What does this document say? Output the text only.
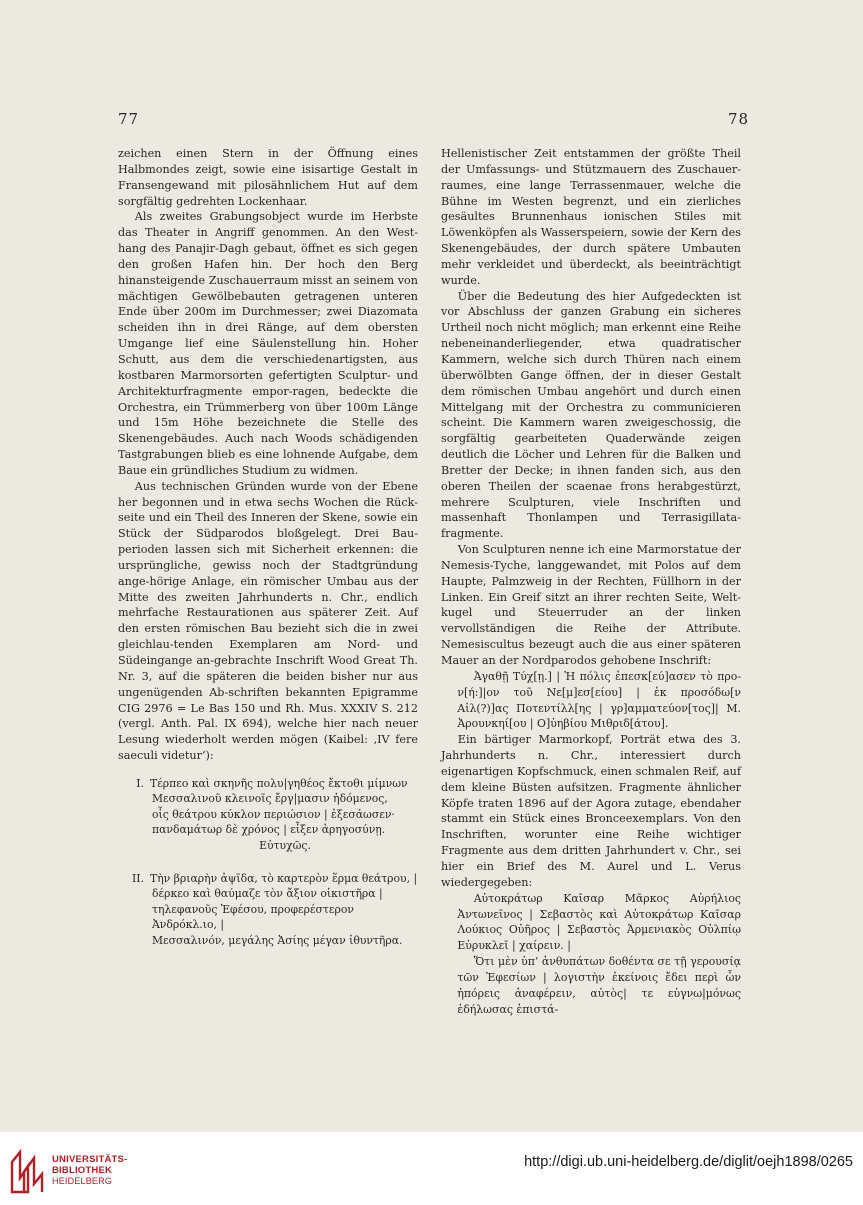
77	78

zeichen einen Stern in der Öffnung eines Halbmondes zeigt, sowie eine isisartige Gestalt in Fransengewand mit pilosähnlichem Hut auf dem sorgfältig gedrehten Lockenhaar.

Als zweites Grabungsobject wurde im Herbste das Theater in Angriff genommen. An den West-hang des Panajir-Dagh gebaut, öffnet es sich gegen den großen Hafen hin. Der hoch den Berg hinansteigende Zuschauerraum misst an seinem von mächtigen Gewölbebauten getragenen unteren Ende über 200m im Durchmesser; zwei Diazomata scheiden ihn in drei Ränge, auf dem obersten Umgange lief eine Säulenstellung hin. Hoher Schutt, aus dem die verschiedenartigsten, aus kostbaren Marmorsorten gefertigten Sculptur- und Architekturfragmente empor-ragen, bedeckte die Orchestra, ein Trümmerberg von über 100m Länge und 15m Höhe bezeichnete die Stelle des Skenengebäudes. Auch nach Woods schädigenden Tastgrabungen blieb es eine lohnende Aufgabe, dem Baue ein gründliches Studium zu widmen.

Aus technischen Gründen wurde von der Ebene her begonnen und in etwa sechs Wochen die Rück-seite und ein Theil des Inneren der Skene, sowie ein Stück der Südparodos bloßgelegt. Drei Bau-perioden lassen sich mit Sicherheit erkennen: die ursprüngliche, gewiss noch der Stadtgründung ange-hörige Anlage, ein römischer Umbau aus der Mitte des zweiten Jahrhunderts n. Chr., endlich mehrfache Restaurationen aus späterer Zeit. Auf den ersten römischen Bau bezieht sich die in zwei gleichlau-tenden Exemplaren am Nord- und Südeingange an-gebrachte Inschrift Wood Great Th. Nr. 3, auf die späteren die beiden bisher nur aus ungenügenden Ab-schriften bekannten Epigramme CIG 2976 = Le Bas 150 und Rh. Mus. XXXIV S. 212 (vergl. Anth. Pal. IX 694), welche hier nach neuer Lesung wiederholt werden mögen (Kaibel: ‚IV fere saeculi videtur‘):

I. Τέρπεο καὶ σκηνῆς πολυ|γηθέος ἔκτοθι μίμνων
Μεσσαλινοῦ κλεινοῖς ἔργ|μασιν ἡδόμενος,
οἷς θεάτρου κύκλον περιώσιον | ἐξεσάωσεν·
πανδαμάτωρ δὲ χρόνος | εἶξεν ἀρηγοσύνῃ.
Εὐτυχῶς.
II. Τὴν βριαρὴν ἀψῖδα, τὸ καρτερὸν ἕρμα θεάτρου, |
δέρκεο καὶ θαύμαζε τὸν ἄξιον οἰκιστῆρα |
τηλεφανοῦς Ἐφέσου, προφερέστερον Ἀνδρόκλ.ιο, |
Μεσσαλινόν, μεγάλης Ἀσίης μέγαν ἰθυντῆρα.

Hellenistischer Zeit entstammen der größte Theil der Umfassungs- und Stützmauern des Zuschauer-raumes, eine lange Terrassenmauer, welche die Bühne im Westen begrenzt, und ein zierliches gesäultes Brunnenhaus ionischen Stiles mit Löwenköpfen als Wasserspeiern, sowie der Kern des Skenengebäudes, der durch spätere Umbauten mehr verkleidet und überdeckt, als beeinträchtigt wurde.

Über die Bedeutung des hier Aufgedeckten ist vor Abschluss der ganzen Grabung ein sicheres Urtheil noch nicht möglich; man erkennt eine Reihe nebeneinanderliegender, etwa quadratischer Kammern, welche sich durch Thüren nach einem überwölbten Gange öffnen, der in dieser Gestalt dem römischen Umbau angehört und durch einen Mittelgang mit der Orchestra zu communicieren scheint. Die Kammern waren zweigeschossig, die sorgfältig gearbeiteten Quaderwände zeigen deutlich die Löcher und Lehren für die Balken und Bretter der Decke; in ihnen fanden sich, aus den oberen Theilen der scaenae frons herabgestürzt, mehrere Sculpturen, viele Inschriften und massenhaft Thonlampen und Terrasigillata-fragmente.

Von Sculpturen nenne ich eine Marmorstatue der Nemesis-Tyche, langgewandet, mit Polos auf dem Haupte, Palmzweig in der Rechten, Füllhorn in der Linken. Ein Greif sitzt an ihrer rechten Seite, Welt-kugel und Steuerruder an der linken vervollständigen die Reihe der Attribute. Nemesiscultus bezeugt auch die aus einer späteren Mauer an der Nordparodos gehobene Inschrift:

Ἀγαθῇ Τύχ[ῃ.] | Ἡ πόλις ἐπεσκ[εύ]ασεν τὸ προ-ν[ή:]|ον τοῦ Νε[μ]εσ[είου] | ἐκ προσόδω[ν Αἰλ(?)]ας Ποτεντίλλ[ης | γρ]αμματεύον[τος]| Μ. Ἀρουνκηί[ου | Ο]ὐηβίου Μιθριδ[άτου].

Ein bärtiger Marmorkopf, Porträt etwa des 3. Jahrhunderts n. Chr., interessiert durch eigenartigen Kopfschmuck, einen schmalen Reif, auf dem kleine Büsten aufsitzen. Fragmente ähnlicher Köpfe traten 1896 auf der Agora zutage, ebendaher stammt ein Stück eines Bronceexemplars. Von den Inschriften, worunter eine Reihe wichtiger Fragmente aus dem dritten Jahrhundert v. Chr., sei hier ein Brief des M. Aurel und L. Verus wiedergegeben:

Αὐτοκράτωρ Καῖσαρ Μᾶρκος Αὐρήλιος Ἀντωνεῖνος | Σεβαστὸς καὶ Αὐτοκράτωρ Καῖσαρ Λούκιος Οὐῆρος | Σεβαστὸς Ἀρμενιακὸς Οὐλπίῳ Εὐρυκλεῖ | χαίρειν. |

Ὅτι μὲν ὑπ’ ἀνθυπάτων δοθέντα σε τῇ γερουσίᾳ τῶν Ἐφεσίων | λογιστὴν ἐκείνοις ἔδει περὶ ὧν ἠπόρεις ἀναφέρειν, αὐτὸς| τε εὐγνω|μόνως ἐδήλωσας ἐπιστά-

UNIVERSITÄTS-
BIBLIOTHEK
HEIDELBERG
http://digi.ub.uni-heidelberg.de/diglit/oejh1898/0265
